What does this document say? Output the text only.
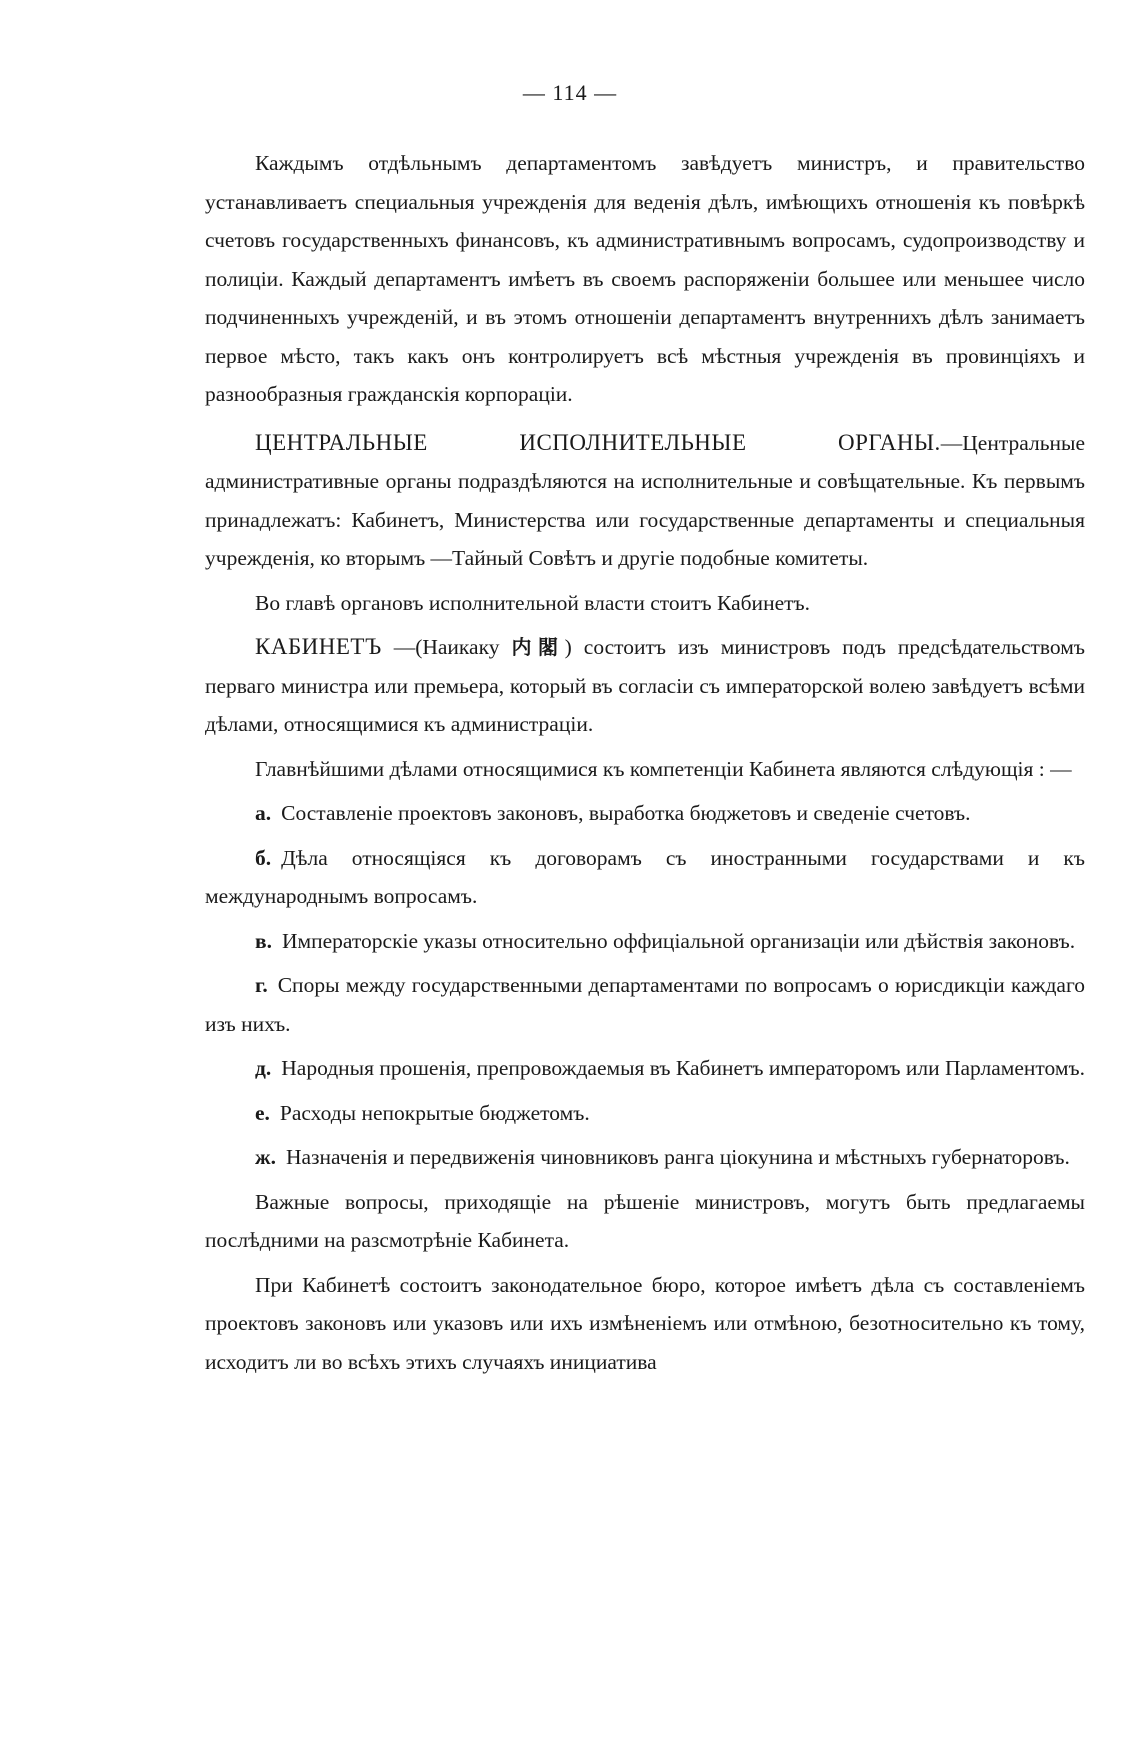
— 114 —

Каждымъ отдѣльнымъ департаментомъ завѣдуетъ министръ, и правительство устанавливаетъ специальныя учрежденія для веденія дѣлъ, имѣющихъ отношенія къ повѣркѣ счетовъ государственныхъ финансовъ, къ административнымъ вопросамъ, судопроизводству и полиціи. Каждый департаментъ имѣетъ въ своемъ распоряженіи большее или меньшее число подчиненныхъ учрежденій, и въ этомъ отношеніи департаментъ внутреннихъ дѣлъ занимаетъ первое мѣсто, такъ какъ онъ контролируетъ всѣ мѣстныя учрежденія въ провинціяхъ и разнообразныя гражданскія корпораціи.

ЦЕНТРАЛЬНЫЕ ИСПОЛНИТЕЛЬНЫЕ ОРГАНЫ.—Центральные административные органы подраздѣляются на исполнительные и совѣщательные. Къ первымъ принадлежатъ: Кабинетъ, Министерства или государственные департаменты и специальныя учрежденія, ко вторымъ —Тайный Совѣтъ и другіе подобные комитеты.

Во главѣ органовъ исполнительной власти стоитъ Кабинетъ.

КАБИНЕТЪ —(Наикаку 内閣) состоитъ изъ министровъ подъ предсѣдательствомъ перваго министра или премьера, который въ согласіи съ императорской волею завѣдуетъ всѣми дѣлами, относящимися къ администраціи.

Главнѣйшими дѣлами относящимися къ компетенціи Кабинета являются слѣдующія : —

а. Составленіе проектовъ законовъ, выработка бюджетовъ и сведеніе счетовъ.

б. Дѣла относящіяся къ договорамъ съ иностранными государствами и къ международнымъ вопросамъ.

в. Императорскіе указы относительно оффиціальной организаціи или дѣйствія законовъ.

г. Споры между государственными департаментами по вопросамъ о юрисдикціи каждаго изъ нихъ.

д. Народныя прошенія, препровождаемыя въ Кабинетъ императоромъ или Парламентомъ.

е. Расходы непокрытые бюджетомъ.

ж. Назначенія и передвиженія чиновниковъ ранга ціокунина и мѣстныхъ губернаторовъ.

Важные вопросы, приходящіе на рѣшеніе министровъ, могутъ быть предлагаемы послѣдними на разсмотрѣніе Кабинета.

При Кабинетѣ состоитъ законодательное бюро, которое имѣетъ дѣла съ составленіемъ проектовъ законовъ или указовъ или ихъ измѣненіемъ или отмѣною, безотносительно къ тому, исходитъ ли во всѣхъ этихъ случаяхъ инициатива
